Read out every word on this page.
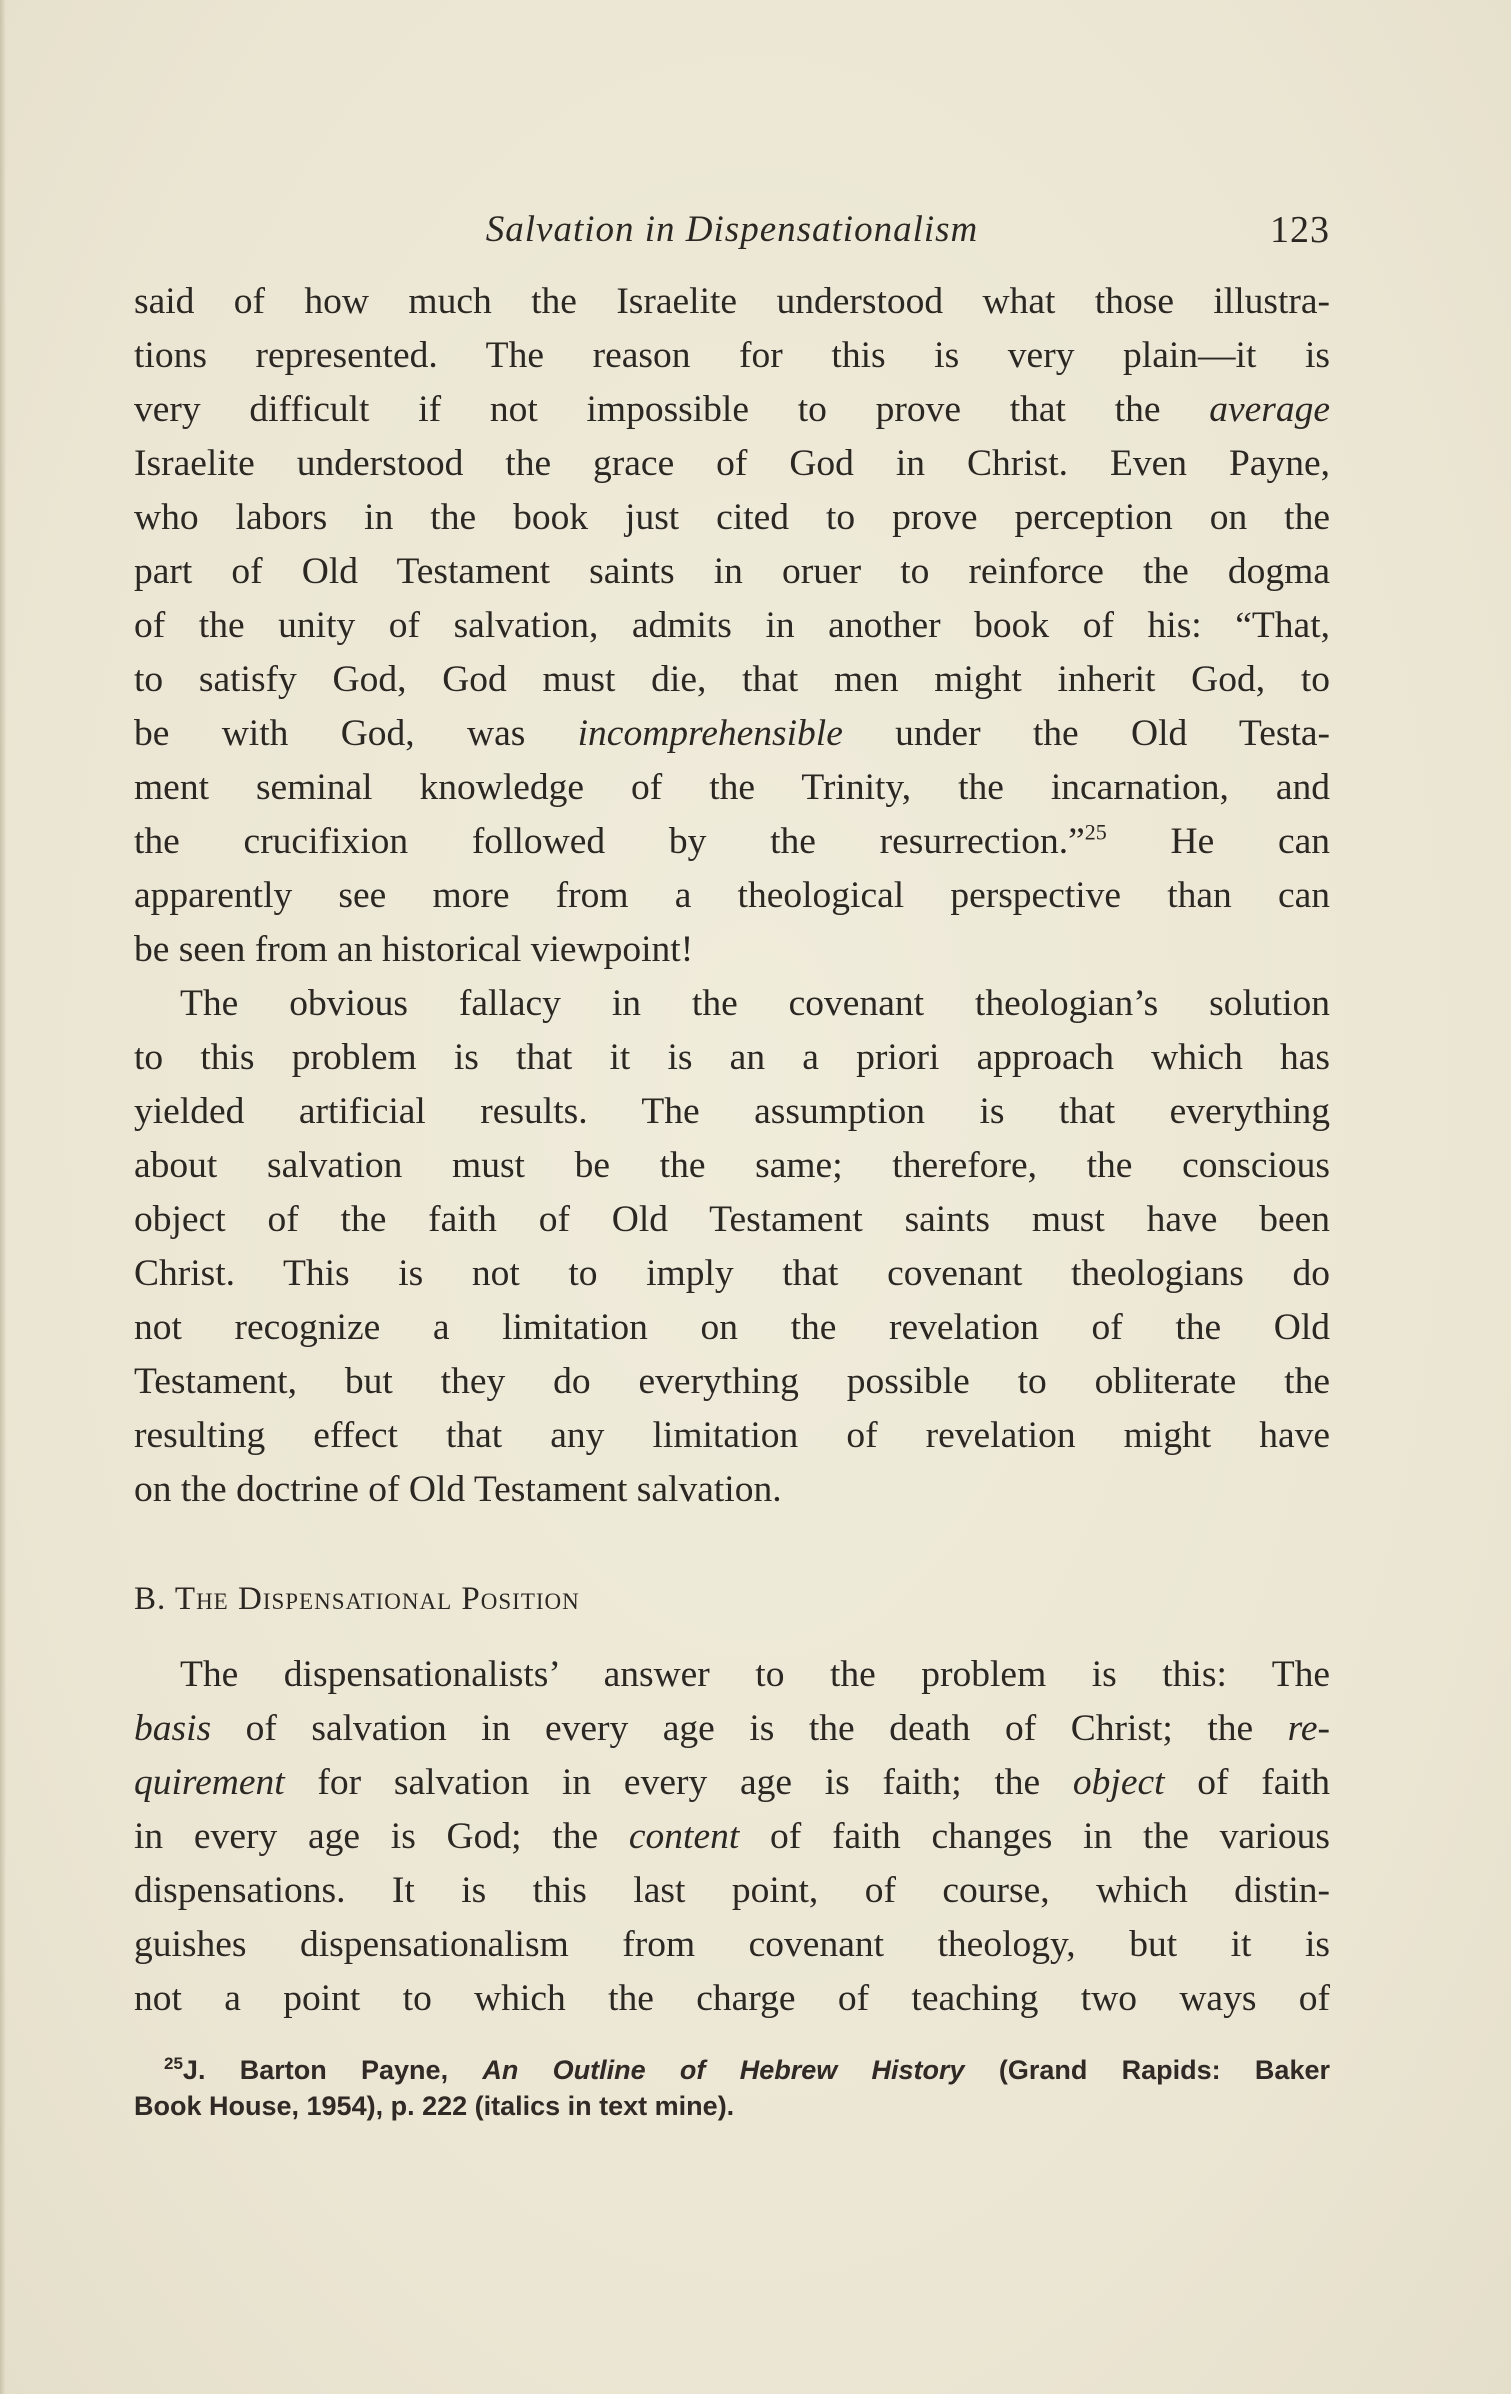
Salvation in Dispensationalism	123

said of how much the Israelite understood what those illustra-
tions represented. The reason for this is very plain—it is
very difficult if not impossible to prove that the average
Israelite understood the grace of God in Christ. Even Payne,
who labors in the book just cited to prove perception on the
part of Old Testament saints in oruer to reinforce the dogma
of the unity of salvation, admits in another book of his: “That,
to satisfy God, God must die, that men might inherit God, to
be with God, was incomprehensible under the Old Testa-
ment seminal knowledge of the Trinity, the incarnation, and
the crucifixion followed by the resurrection.”$^{25}$ He can
apparently see more from a theological perspective than can
be seen from an historical viewpoint!

The obvious fallacy in the covenant theologian’s solution
to this problem is that it is an a priori approach which has
yielded artificial results. The assumption is that everything
about salvation must be the same; therefore, the conscious
object of the faith of Old Testament saints must have been
Christ. This is not to imply that covenant theologians do
not recognize a limitation on the revelation of the Old
Testament, but they do everything possible to obliterate the
resulting effect that any limitation of revelation might have
on the doctrine of Old Testament salvation.

B. The Dispensational Position

The dispensationalists’ answer to the problem is this: The
basis of salvation in every age is the death of Christ; the re-
quirement for salvation in every age is faith; the object of faith
in every age is God; the content of faith changes in the various
dispensations. It is this last point, of course, which distin-
guishes dispensationalism from covenant theology, but it is
not a point to which the charge of teaching two ways of

$^{25}$J. Barton Payne, An Outline of Hebrew History (Grand Rapids: Baker
Book House, 1954), p. 222 (italics in text mine).
